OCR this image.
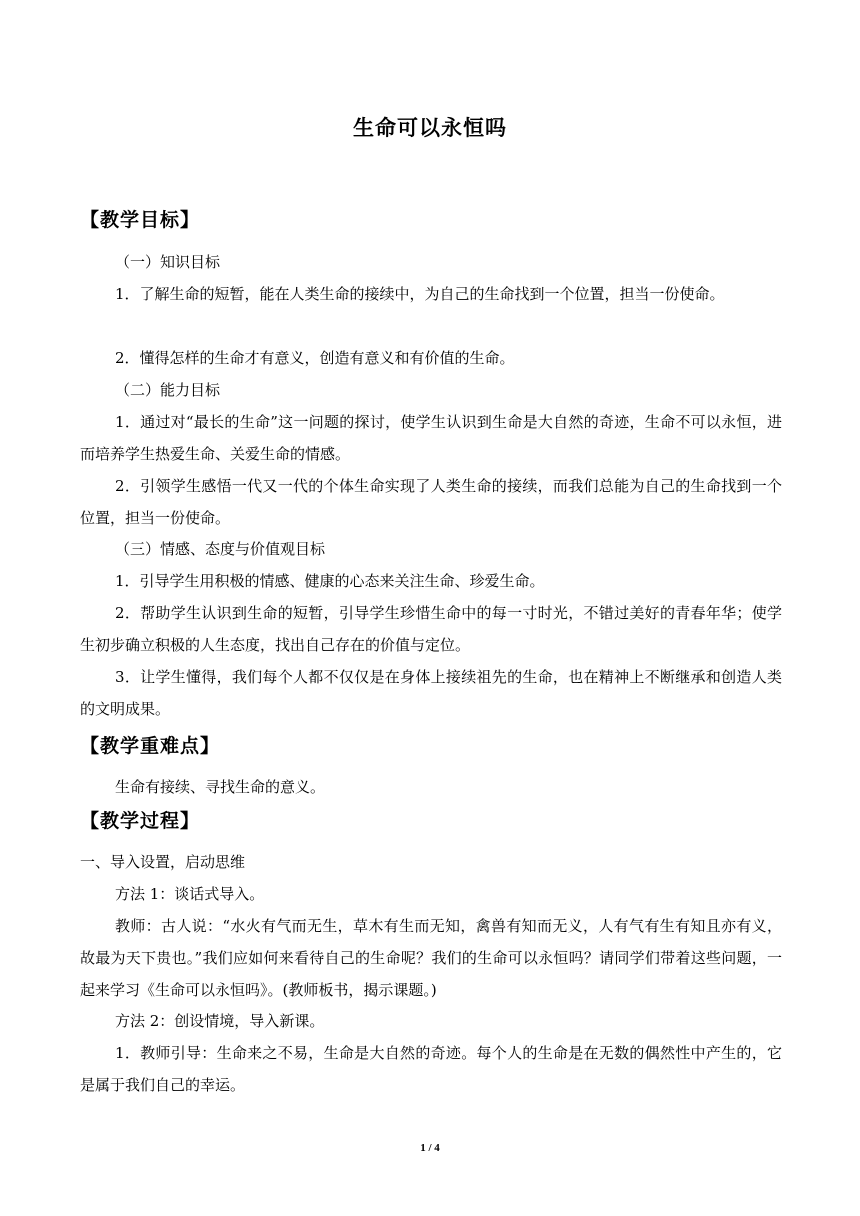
生命可以永恒吗
【教学目标】
（一）知识目标
1．了解生命的短暂，能在人类生命的接续中，为自己的生命找到一个位置，担当一份使命。
2．懂得怎样的生命才有意义，创造有意义和有价值的生命。
（二）能力目标
1．通过对“最长的生命”这一问题的探讨，使学生认识到生命是大自然的奇迹，生命不可以永恒，进而培养学生热爱生命、关爱生命的情感。
2．引领学生感悟一代又一代的个体生命实现了人类生命的接续，而我们总能为自己的生命找到一个位置，担当一份使命。
（三）情感、态度与价值观目标
1．引导学生用积极的情感、健康的心态来关注生命、珍爱生命。
2．帮助学生认识到生命的短暂，引导学生珍惜生命中的每一寸时光，不错过美好的青春年华；使学生初步确立积极的人生态度，找出自己存在的价值与定位。
3．让学生懂得，我们每个人都不仅仅是在身体上接续祖先的生命，也在精神上不断继承和创造人类的文明成果。
【教学重难点】
生命有接续、寻找生命的意义。
【教学过程】
一、导入设置，启动思维
方法 1：谈话式导入。
教师：古人说：“水火有气而无生，草木有生而无知，禽兽有知而无义，人有气有生有知且亦有义，故最为天下贵也。”我们应如何来看待自己的生命呢？我们的生命可以永恒吗？请同学们带着这些问题，一起来学习《生命可以永恒吗》。(教师板书，揭示课题。)
方法 2：创设情境，导入新课。
1．教师引导：生命来之不易，生命是大自然的奇迹。每个人的生命是在无数的偶然性中产生的，它是属于我们自己的幸运。
1 / 4
